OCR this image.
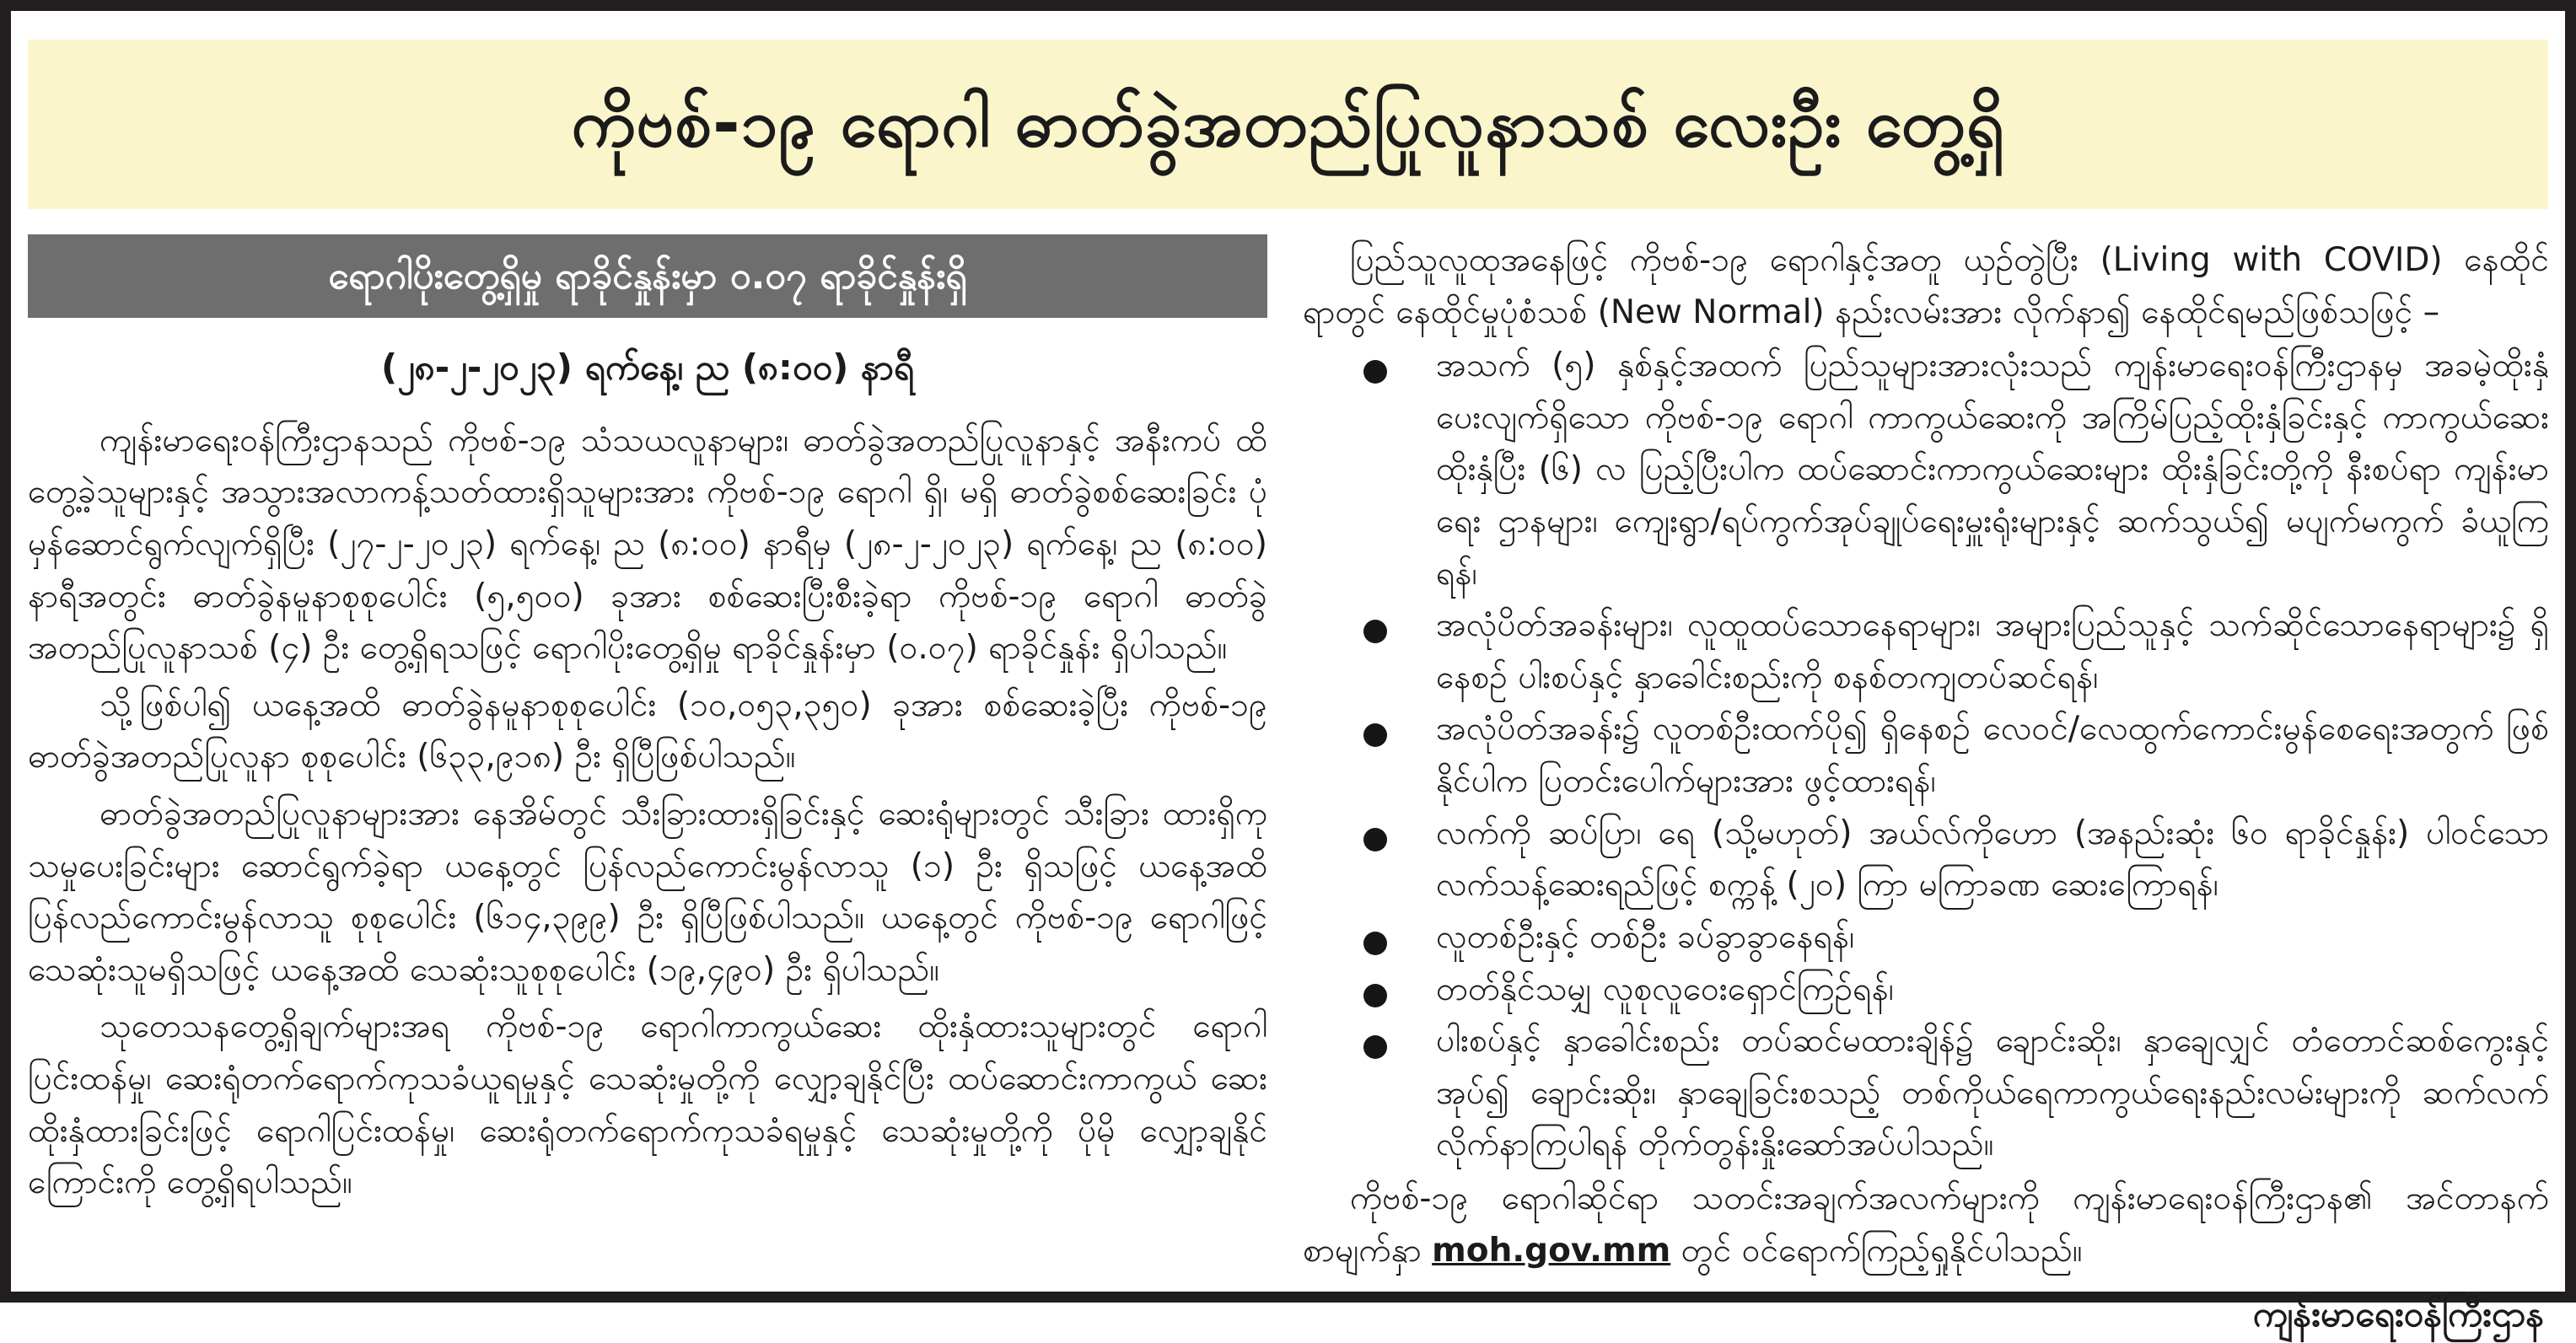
ကိုဗစ်-၁၉ ရောဂါ ဓာတ်ခွဲအတည်ပြုလူနာသစ် လေးဦး တွေ့ရှိ
ရောဂါပိုးတွေ့ရှိမှု ရာခိုင်နှုန်းမှာ ၀.၀၇ ရာခိုင်နှုန်းရှိ
(၂၈-၂-၂၀၂၃) ရက်နေ့၊ ည (၈:၀၀) နာရီ

ကျန်းမာရေးဝန်ကြီးဌာနသည် ကိုဗစ်-၁၉ သံသယလူနာများ၊ ဓာတ်ခွဲအတည်ပြုလူနာနှင့် အနီးကပ် ထိတွေ့ခဲ့သူများနှင့် အသွားအလာကန့်သတ်ထားရှိသူများအား ကိုဗစ်-၁၉ ရောဂါ ရှိ၊ မရှိ ဓာတ်ခွဲစစ်ဆေးခြင်း ပုံမှန်ဆောင်ရွက်လျက်ရှိပြီး (၂၇-၂-၂၀၂၃) ရက်နေ့၊ ည (၈:၀၀) နာရီမှ (၂၈-၂-၂၀၂၃) ရက်နေ့၊ ည (၈:၀၀) နာရီအတွင်း ဓာတ်ခွဲနမူနာစုစုပေါင်း (၅,၅၀၀) ခုအား စစ်ဆေးပြီးစီးခဲ့ရာ ကိုဗစ်-၁၉ ရောဂါ ဓာတ်ခွဲ အတည်ပြုလူနာသစ် (၄) ဦး တွေ့ရှိရသဖြင့် ရောဂါပိုးတွေ့ရှိမှု ရာခိုင်နှုန်းမှာ (၀.၀၇) ရာခိုင်နှုန်း ရှိပါသည်။

သို့ဖြစ်ပါ၍ ယနေ့အထိ ဓာတ်ခွဲနမူနာစုစုပေါင်း (၁၀,၀၅၃,၃၅၀) ခုအား စစ်ဆေးခဲ့ပြီး ကိုဗစ်-၁၉ ဓာတ်ခွဲအတည်ပြုလူနာ စုစုပေါင်း (၆၃၃,၉၁၈) ဦး ရှိပြီဖြစ်ပါသည်။

ဓာတ်ခွဲအတည်ပြုလူနာများအား နေအိမ်တွင် သီးခြားထားရှိခြင်းနှင့် ဆေးရုံများတွင် သီးခြား ထားရှိကုသမှုပေးခြင်းများ ဆောင်ရွက်ခဲ့ရာ ယနေ့တွင် ပြန်လည်ကောင်းမွန်လာသူ (၁) ဦး ရှိသဖြင့် ယနေ့အထိ ပြန်လည်ကောင်းမွန်လာသူ စုစုပေါင်း (၆၁၄,၃၉၉) ဦး ရှိပြီဖြစ်ပါသည်။ ယနေ့တွင် ကိုဗစ်-၁၉ ရောဂါဖြင့် သေဆုံးသူမရှိသဖြင့် ယနေ့အထိ သေဆုံးသူစုစုပေါင်း (၁၉,၄၉၀) ဦး ရှိပါသည်။

သုတေသနတွေ့ရှိချက်များအရ ကိုဗစ်-၁၉ ရောဂါကာကွယ်ဆေး ထိုးနှံထားသူများတွင် ရောဂါ ပြင်းထန်မှု၊ ဆေးရုံတက်ရောက်ကုသခံယူရမှုနှင့် သေဆုံးမှုတို့ကို လျှော့ချနိုင်ပြီး ထပ်ဆောင်းကာကွယ် ဆေး ထိုးနှံထားခြင်းဖြင့် ရောဂါပြင်းထန်မှု၊ ဆေးရုံတက်ရောက်ကုသခံရမှုနှင့် သေဆုံးမှုတို့ကို ပိုမို လျှော့ချနိုင်ကြောင်းကို တွေ့ရှိရပါသည်။

ပြည်သူလူထုအနေဖြင့် ကိုဗစ်-၁၉ ရောဂါနှင့်အတူ ယှဉ်တွဲပြီး (Living with COVID) နေထိုင်ရာတွင် နေထိုင်မှုပုံစံသစ် (New Normal) နည်းလမ်းအား လိုက်နာ၍ နေထိုင်ရမည်ဖြစ်သဖြင့် –

အသက် (၅) နှစ်နှင့်အထက် ပြည်သူများအားလုံးသည် ကျန်းမာရေးဝန်ကြီးဌာနမှ အခမဲ့ထိုးနှံ ပေးလျက်ရှိသော ကိုဗစ်-၁၉ ရောဂါ ကာကွယ်ဆေးကို အကြိမ်ပြည့်ထိုးနှံခြင်းနှင့် ကာကွယ်ဆေး ထိုးနှံပြီး (၆) လ ပြည့်ပြီးပါက ထပ်ဆောင်းကာကွယ်ဆေးများ ထိုးနှံခြင်းတို့ကို နီးစပ်ရာ ကျန်းမာ ရေး ဌာနများ၊ ကျေးရွာ/ရပ်ကွက်အုပ်ချုပ်ရေးမှူးရုံးများနှင့် ဆက်သွယ်၍ မပျက်မကွက် ခံယူကြရန်၊
အလုံပိတ်အခန်းများ၊ လူထူထပ်သောနေရာများ၊ အများပြည်သူနှင့် သက်ဆိုင်သောနေရာများ၌ ရှိနေစဉ် ပါးစပ်နှင့် နှာခေါင်းစည်းကို စနစ်တကျတပ်ဆင်ရန်၊
အလုံပိတ်အခန်း၌ လူတစ်ဦးထက်ပို၍ ရှိနေစဉ် လေဝင်/လေထွက်ကောင်းမွန်စေရေးအတွက် ဖြစ်နိုင်ပါက ပြတင်းပေါက်များအား ဖွင့်ထားရန်၊
လက်ကို ဆပ်ပြာ၊ ရေ (သို့မဟုတ်) အယ်လ်ကိုဟော (အနည်းဆုံး ၆၀ ရာခိုင်နှုန်း) ပါဝင်သော လက်သန့်ဆေးရည်ဖြင့် စက္ကန့် (၂၀) ကြာ မကြာခဏ ဆေးကြောရန်၊
လူတစ်ဦးနှင့် တစ်ဦး ခပ်ခွာခွာနေရန်၊
တတ်နိုင်သမျှ လူစုလူဝေးရှောင်ကြဉ်ရန်၊
ပါးစပ်နှင့် နှာခေါင်းစည်း တပ်ဆင်မထားချိန်၌ ချောင်းဆိုး၊ နှာချေလျှင် တံတောင်ဆစ်ကွေးနှင့် အုပ်၍ ချောင်းဆိုး၊ နှာချေခြင်းစသည့် တစ်ကိုယ်ရေကာကွယ်ရေးနည်းလမ်းများကို ဆက်လက် လိုက်နာကြပါရန် တိုက်တွန်းနှိုးဆော်အပ်ပါသည်။

ကိုဗစ်-၁၉ ရောဂါဆိုင်ရာ သတင်းအချက်အလက်များကို ကျန်းမာရေးဝန်ကြီးဌာန၏ အင်တာနက် စာမျက်နှာ moh.gov.mm တွင် ဝင်ရောက်ကြည့်ရှုနိုင်ပါသည်။

ကျန်းမာရေးဝန်ကြီးဌာန
